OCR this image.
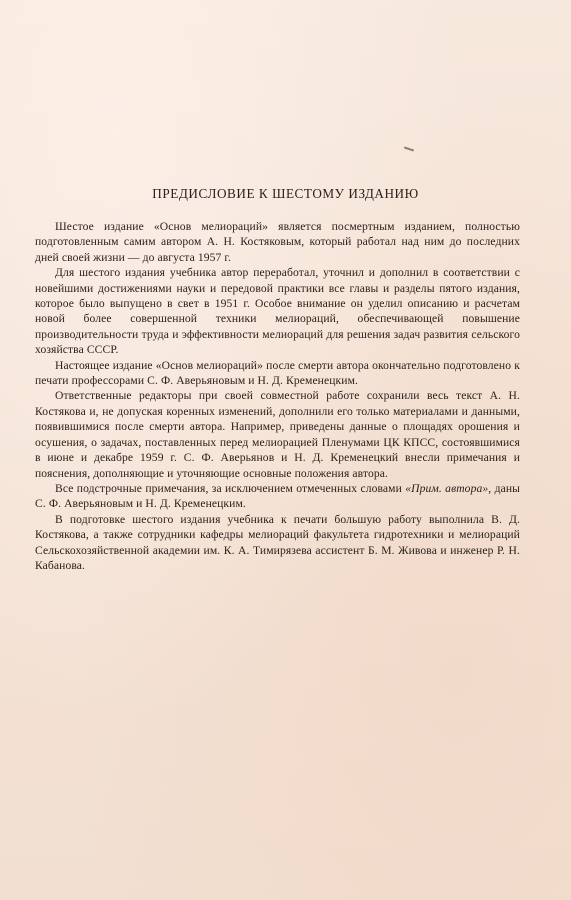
ПРЕДИСЛОВИЕ К ШЕСТОМУ ИЗДАНИЮ

Шестое издание «Основ мелиораций» является посмертным изданием, полностью подготовленным самим автором А. Н. Костяковым, который работал над ним до последних дней своей жизни — до августа 1957 г.

Для шестого издания учебника автор переработал, уточнил и дополнил в соответствии с новейшими достижениями науки и передовой практики все главы и разделы пятого издания, которое было выпущено в свет в 1951 г. Особое внимание он уделил описанию и расчетам новой более совершенной техники мелиораций, обеспечивающей повышение производительности труда и эффективности мелиораций для решения задач развития сельского хозяйства СССР.

Настоящее издание «Основ мелиораций» после смерти автора окончательно подготовлено к печати профессорами С. Ф. Аверьяновым и Н. Д. Кременецким.

Ответственные редакторы при своей совместной работе сохранили весь текст А. Н. Костякова и, не допуская коренных изменений, дополнили его только материалами и данными, появившимися после смерти автора. Например, приведены данные о площадях орошения и осушения, о задачах, поставленных перед мелиорацией Пленумами ЦК КПСС, состоявшимися в июне и декабре 1959 г. С. Ф. Аверьянов и Н. Д. Кременецкий внесли примечания и пояснения, дополняющие и уточняющие основные положения автора.

Все подстрочные примечания, за исключением отмеченных словами «Прим. автора», даны С. Ф. Аверьяновым и Н. Д. Кременецким.

В подготовке шестого издания учебника к печати большую работу выполнила В. Д. Костякова, а также сотрудники кафедры мелиораций факультета гидротехники и мелиораций Сельскохозяйственной академии им. К. А. Тимирязева ассистент Б. М. Живова и инженер Р. Н. Кабанова.
